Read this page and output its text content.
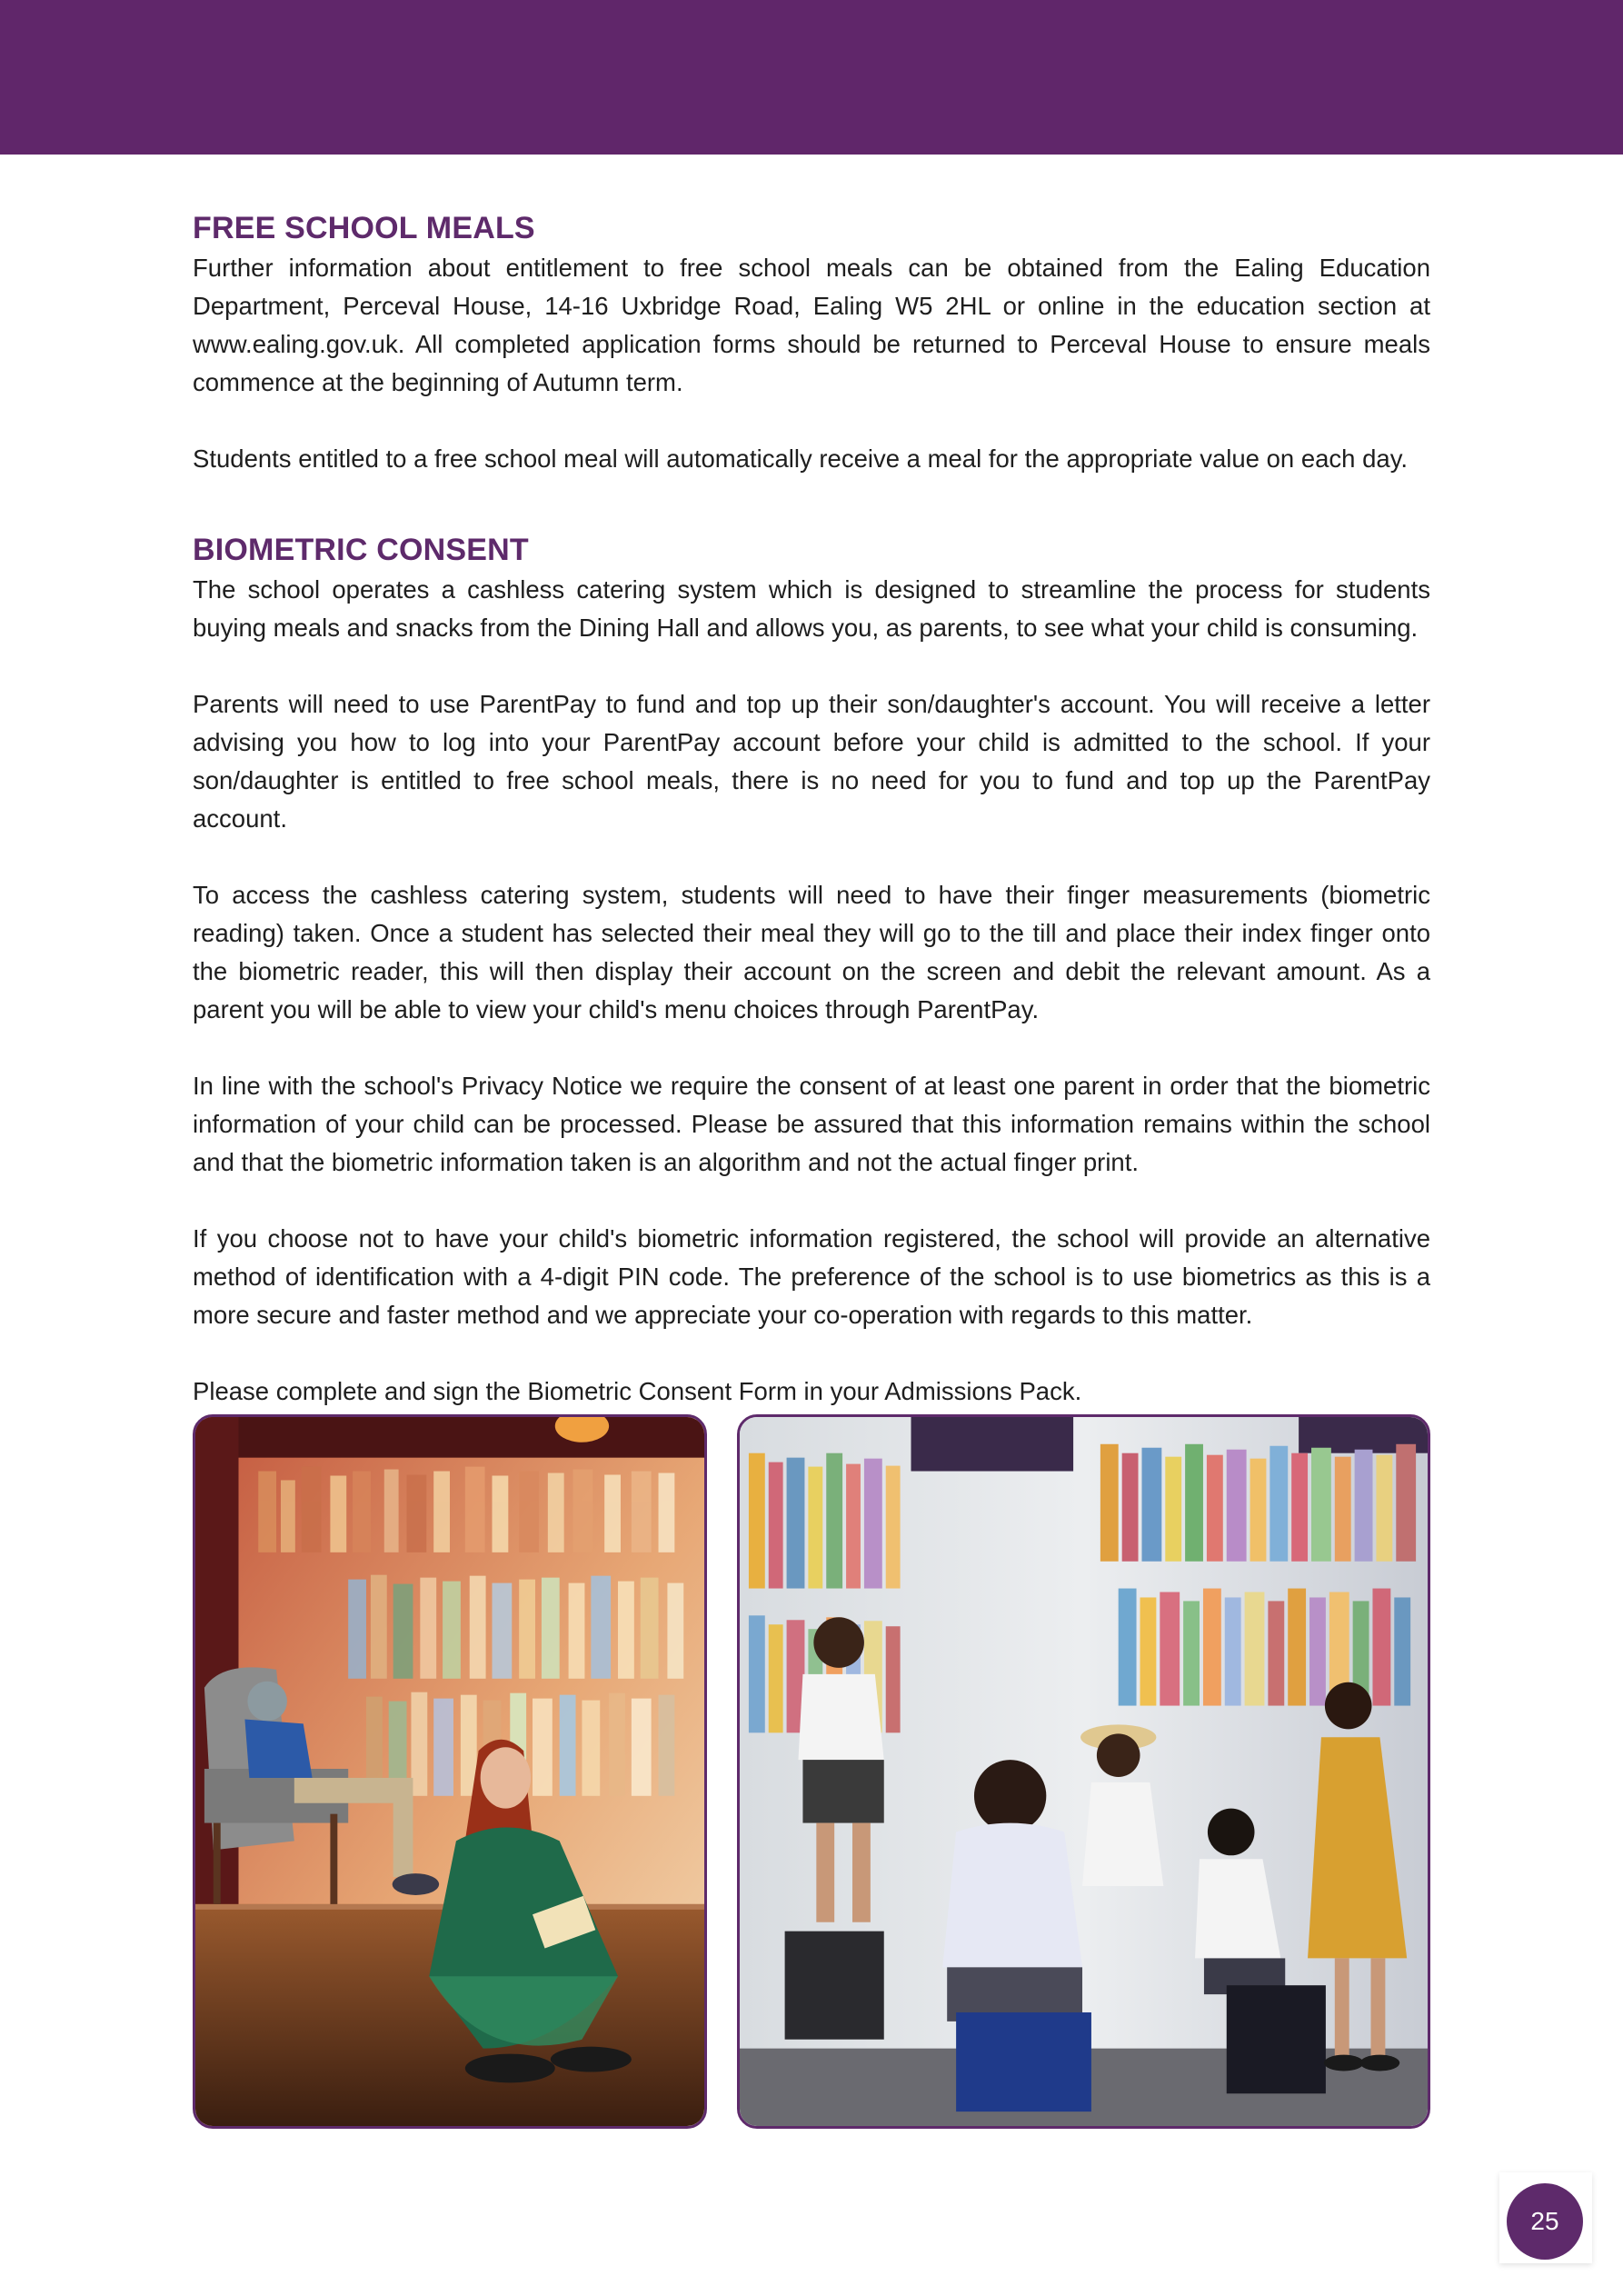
FREE SCHOOL MEALS

Further information about entitlement to free school meals can be obtained from the Ealing Education Department, Perceval House, 14-16 Uxbridge Road, Ealing W5 2HL or online in the education section at www.ealing.gov.uk. All completed application forms should be returned to Perceval House to ensure meals commence at the beginning of Autumn term.

Students entitled to a free school meal will automatically receive a meal for the appropriate value on each day.

BIOMETRIC CONSENT

The school operates a cashless catering system which is designed to streamline the process for students buying meals and snacks from the Dining Hall and allows you, as parents, to see what your child is consuming.

Parents will need to use ParentPay to fund and top up their son/daughter's account. You will receive a letter advising you how to log into your ParentPay account before your child is admitted to the school. If your son/daughter is entitled to free school meals, there is no need for you to fund and top up the ParentPay account.

To access the cashless catering system, students will need to have their finger measurements (biometric reading) taken. Once a student has selected their meal they will go to the till and place their index finger onto the biometric reader, this will then display their account on the screen and debit the relevant amount. As a parent you will be able to view your child's menu choices through ParentPay.

In line with the school's Privacy Notice we require the consent of at least one parent in order that the biometric information of your child can be processed. Please be assured that this information remains within the school and that the biometric information taken is an algorithm and not the actual finger print.

If you choose not to have your child's biometric information registered, the school will provide an alternative method of identification with a 4-digit PIN code. The preference of the school is to use biometrics as this is a more secure and faster method and we appreciate your co-operation with regards to this matter.

Please complete and sign the Biometric Consent Form in your Admissions Pack.

25
